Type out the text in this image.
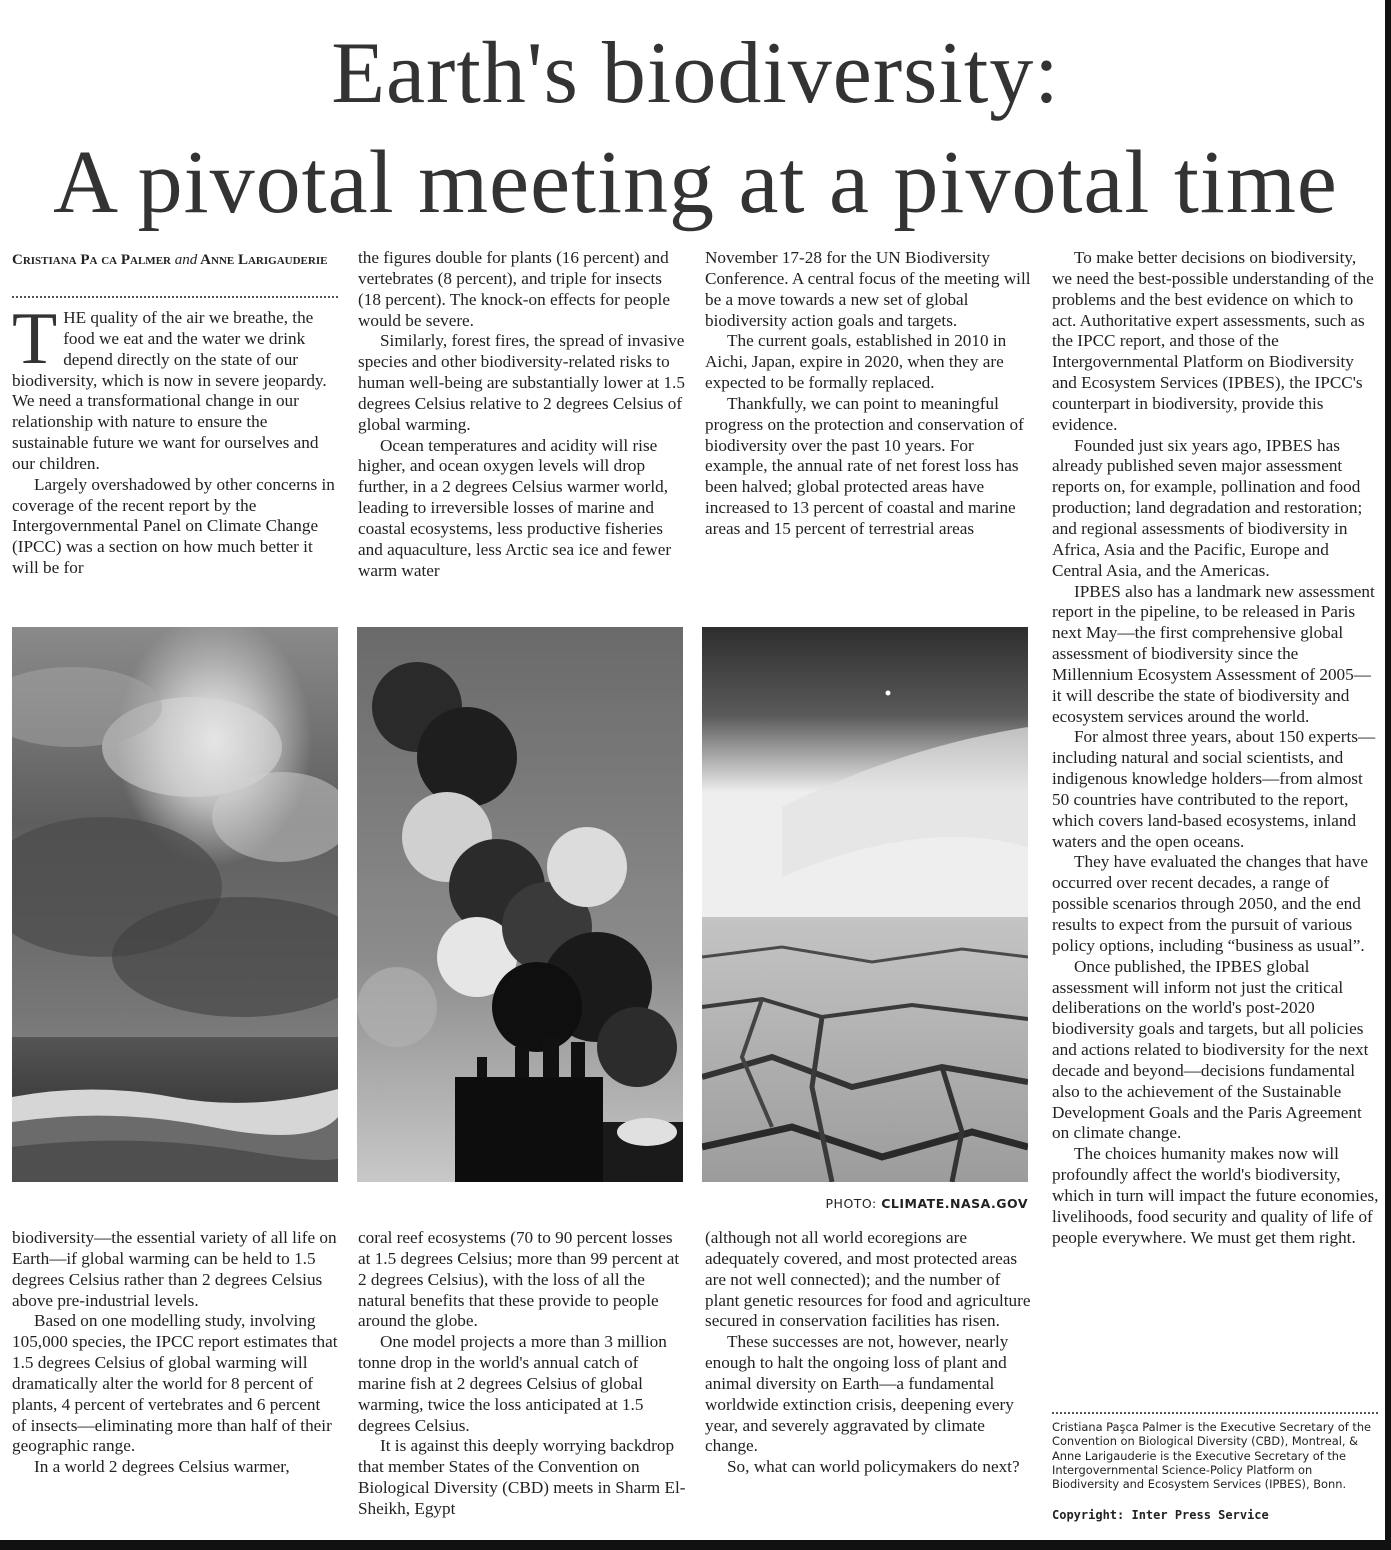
Earth's biodiversity:
A pivotal meeting at a pivotal time
Cristiana Pa ca Palmer and Anne Larigauderie

THE quality of the air we breathe, the food we eat and the water we drink depend directly on the state of our biodiversity, which is now in severe jeopardy. We need a transformational change in our relationship with nature to ensure the sustainable future we want for ourselves and our children.

Largely overshadowed by other concerns in coverage of the recent report by the Intergovernmental Panel on Climate Change (IPCC) was a section on how much better it will be for

the figures double for plants (16 percent) and vertebrates (8 percent), and triple for insects (18 percent). The knock-on effects for people would be severe.

Similarly, forest fires, the spread of invasive species and other biodiversity-related risks to human well-being are substantially lower at 1.5 degrees Celsius relative to 2 degrees Celsius of global warming.

Ocean temperatures and acidity will rise higher, and ocean oxygen levels will drop further, in a 2 degrees Celsius warmer world, leading to irreversible losses of marine and coastal ecosystems, less productive fisheries and aquaculture, less Arctic sea ice and fewer warm water

November 17-28 for the UN Biodiversity Conference. A central focus of the meeting will be a move towards a new set of global biodiversity action goals and targets.

The current goals, established in 2010 in Aichi, Japan, expire in 2020, when they are expected to be formally replaced.

Thankfully, we can point to meaningful progress on the protection and conservation of biodiversity over the past 10 years. For example, the annual rate of net forest loss has been halved; global protected areas have increased to 13 percent of coastal and marine areas and 15 percent of terrestrial areas

To make better decisions on biodiversity, we need the best-possible understanding of the problems and the best evidence on which to act. Authoritative expert assessments, such as the IPCC report, and those of the Intergovernmental Platform on Biodiversity and Ecosystem Services (IPBES), the IPCC's counterpart in biodiversity, provide this evidence.

Founded just six years ago, IPBES has already published seven major assessment reports on, for example, pollination and food production; land degradation and restoration; and regional assessments of biodiversity in Africa, Asia and the Pacific, Europe and Central Asia, and the Americas.

IPBES also has a landmark new assessment report in the pipeline, to be released in Paris next May—the first comprehensive global assessment of biodiversity since the Millennium Ecosystem Assessment of 2005—it will describe the state of biodiversity and ecosystem services around the world.

For almost three years, about 150 experts—including natural and social scientists, and indigenous knowledge holders—from almost 50 countries have contributed to the report, which covers land-based ecosystems, inland waters and the open oceans.

They have evaluated the changes that have occurred over recent decades, a range of possible scenarios through 2050, and the end results to expect from the pursuit of various policy options, including “business as usual”.

Once published, the IPBES global assessment will inform not just the critical deliberations on the world's post-2020 biodiversity goals and targets, but all policies and actions related to biodiversity for the next decade and beyond—decisions fundamental also to the achievement of the Sustainable Development Goals and the Paris Agreement on climate change.

The choices humanity makes now will profoundly affect the world's biodiversity, which in turn will impact the future economies, livelihoods, food security and quality of life of people everywhere. We must get them right.

PHOTO: CLIMATE.NASA.GOV

biodiversity—the essential variety of all life on Earth—if global warming can be held to 1.5 degrees Celsius rather than 2 degrees Celsius above pre-industrial levels.

Based on one modelling study, involving 105,000 species, the IPCC report estimates that 1.5 degrees Celsius of global warming will dramatically alter the world for 8 percent of plants, 4 percent of vertebrates and 6 percent of insects—eliminating more than half of their geographic range.

In a world 2 degrees Celsius warmer,

coral reef ecosystems (70 to 90 percent losses at 1.5 degrees Celsius; more than 99 percent at 2 degrees Celsius), with the loss of all the natural benefits that these provide to people around the globe.

One model projects a more than 3 million tonne drop in the world's annual catch of marine fish at 2 degrees Celsius of global warming, twice the loss anticipated at 1.5 degrees Celsius.

It is against this deeply worrying backdrop that member States of the Convention on Biological Diversity (CBD) meets in Sharm El-Sheikh, Egypt

(although not all world ecoregions are adequately covered, and most protected areas are not well connected); and the number of plant genetic resources for food and agriculture secured in conservation facilities has risen.

These successes are not, however, nearly enough to halt the ongoing loss of plant and animal diversity on Earth—a fundamental worldwide extinction crisis, deepening every year, and severely aggravated by climate change.

So, what can world policymakers do next?

Cristiana Paşca Palmer is the Executive Secretary of the Convention on Biological Diversity (CBD), Montreal, & Anne Larigauderie is the Executive Secretary of the Intergovernmental Science-Policy Platform on Biodiversity and Ecosystem Services (IPBES), Bonn.
Copyright: Inter Press Service
